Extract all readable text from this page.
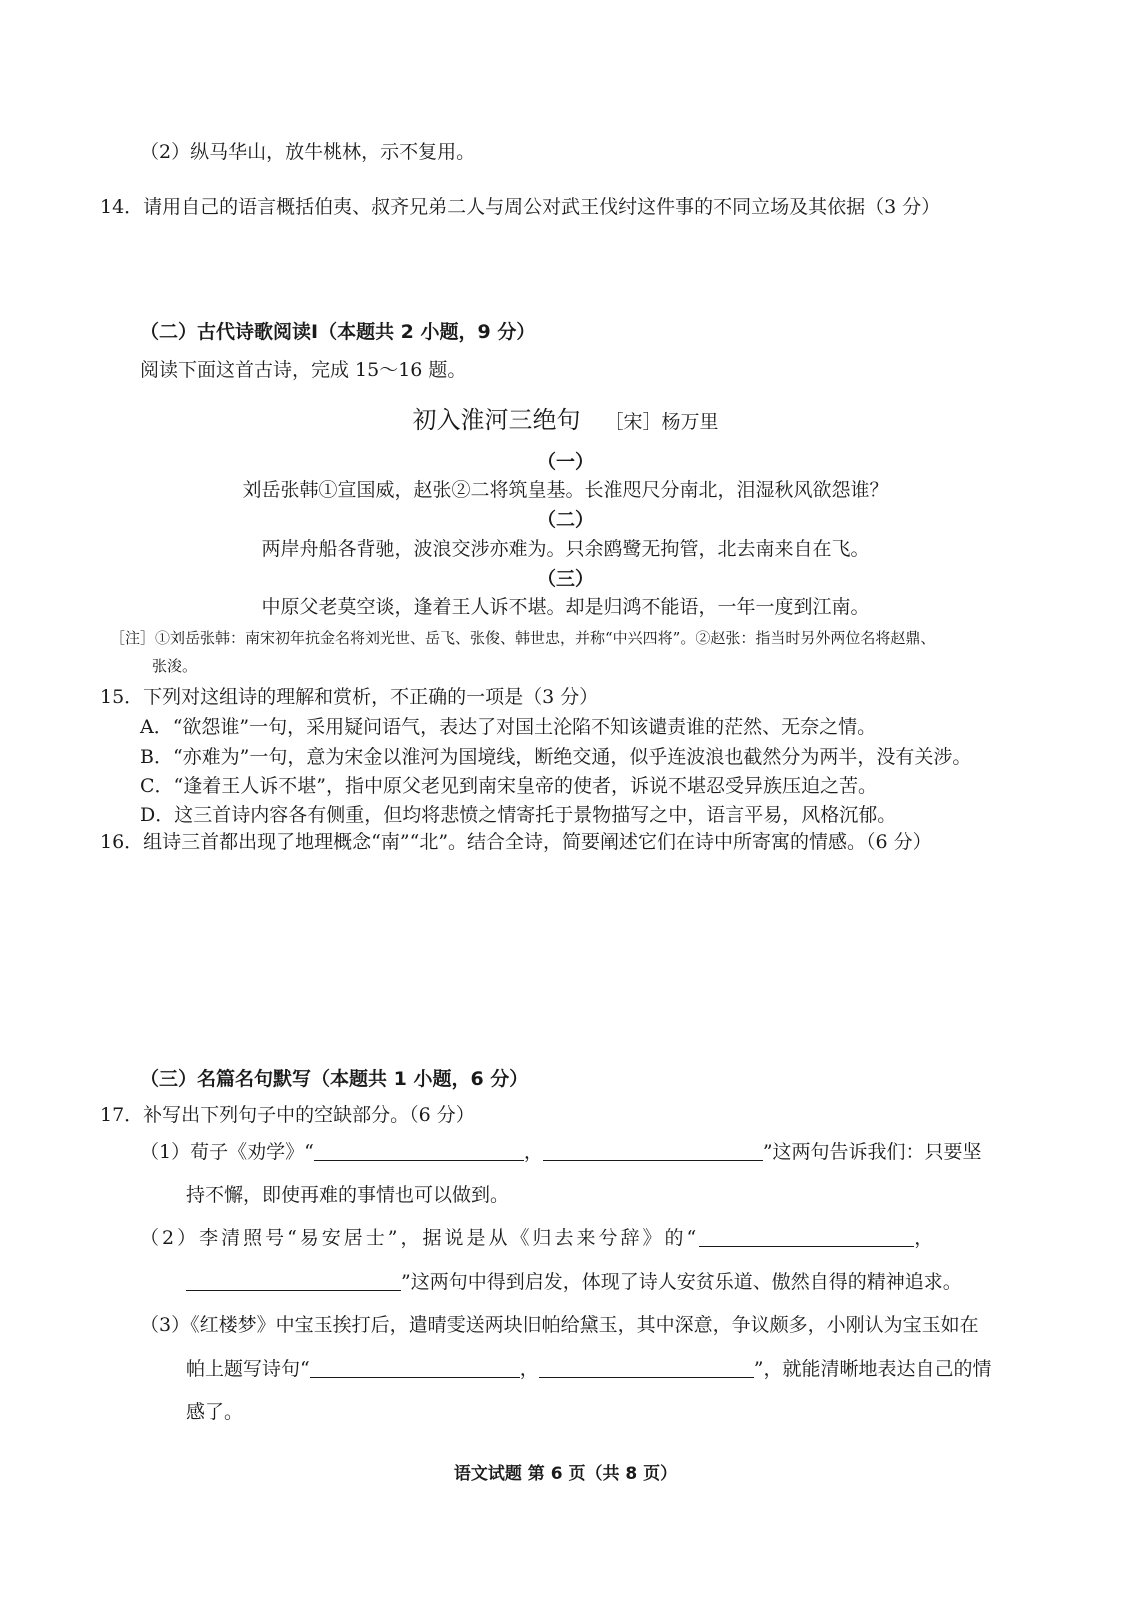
（2）纵马华山，放牛桃林，示不复用。
14．请用自己的语言概括伯夷、叔齐兄弟二人与周公对武王伐纣这件事的不同立场及其依据（3 分）
（二）古代诗歌阅读Ⅰ（本题共 2 小题，9 分）
阅读下面这首古诗，完成 15～16 题。
初入淮河三绝句 ［宋］杨万里
（一）
刘岳张韩①宣国威，赵张②二将筑皇基。长淮咫尺分南北，泪湿秋风欲怨谁？
（二）
两岸舟船各背驰，波浪交涉亦难为。只余鸥鹭无拘管，北去南来自在飞。
（三）
中原父老莫空谈，逢着王人诉不堪。却是归鸿不能语，一年一度到江南。
［注］①刘岳张韩：南宋初年抗金名将刘光世、岳飞、张俊、韩世忠，并称“中兴四将”。②赵张：指当时另外两位名将赵鼎、
张浚。
15．下列对这组诗的理解和赏析，不正确的一项是（3 分）
A．“欲怨谁”一句，采用疑问语气，表达了对国土沦陷不知该谴责谁的茫然、无奈之情。
B．“亦难为”一句，意为宋金以淮河为国境线，断绝交通，似乎连波浪也截然分为两半，没有关涉。
C．“逢着王人诉不堪”，指中原父老见到南宋皇帝的使者，诉说不堪忍受异族压迫之苦。
D．这三首诗内容各有侧重，但均将悲愤之情寄托于景物描写之中，语言平易，风格沉郁。
16．组诗三首都出现了地理概念“南”“北”。结合全诗，简要阐述它们在诗中所寄寓的情感。（6 分）
（三）名篇名句默写（本题共 1 小题，6 分）
17．补写出下列句子中的空缺部分。（6 分）
（1）荀子《劝学》“	，	”这两句告诉我们：只要坚
持不懈，即使再难的事情也可以做到。
（2）李清照号“易安居士”，据说是从《归去来兮辞》的“	，
”这两句中得到启发，体现了诗人安贫乐道、傲然自得的精神追求。
（3）《红楼梦》中宝玉挨打后，遣晴雯送两块旧帕给黛玉，其中深意，争议颇多，小刚认为宝玉如在
帕上题写诗句“	，	”，就能清晰地表达自己的情
感了。
语文试题 第 6 页（共 8 页）
